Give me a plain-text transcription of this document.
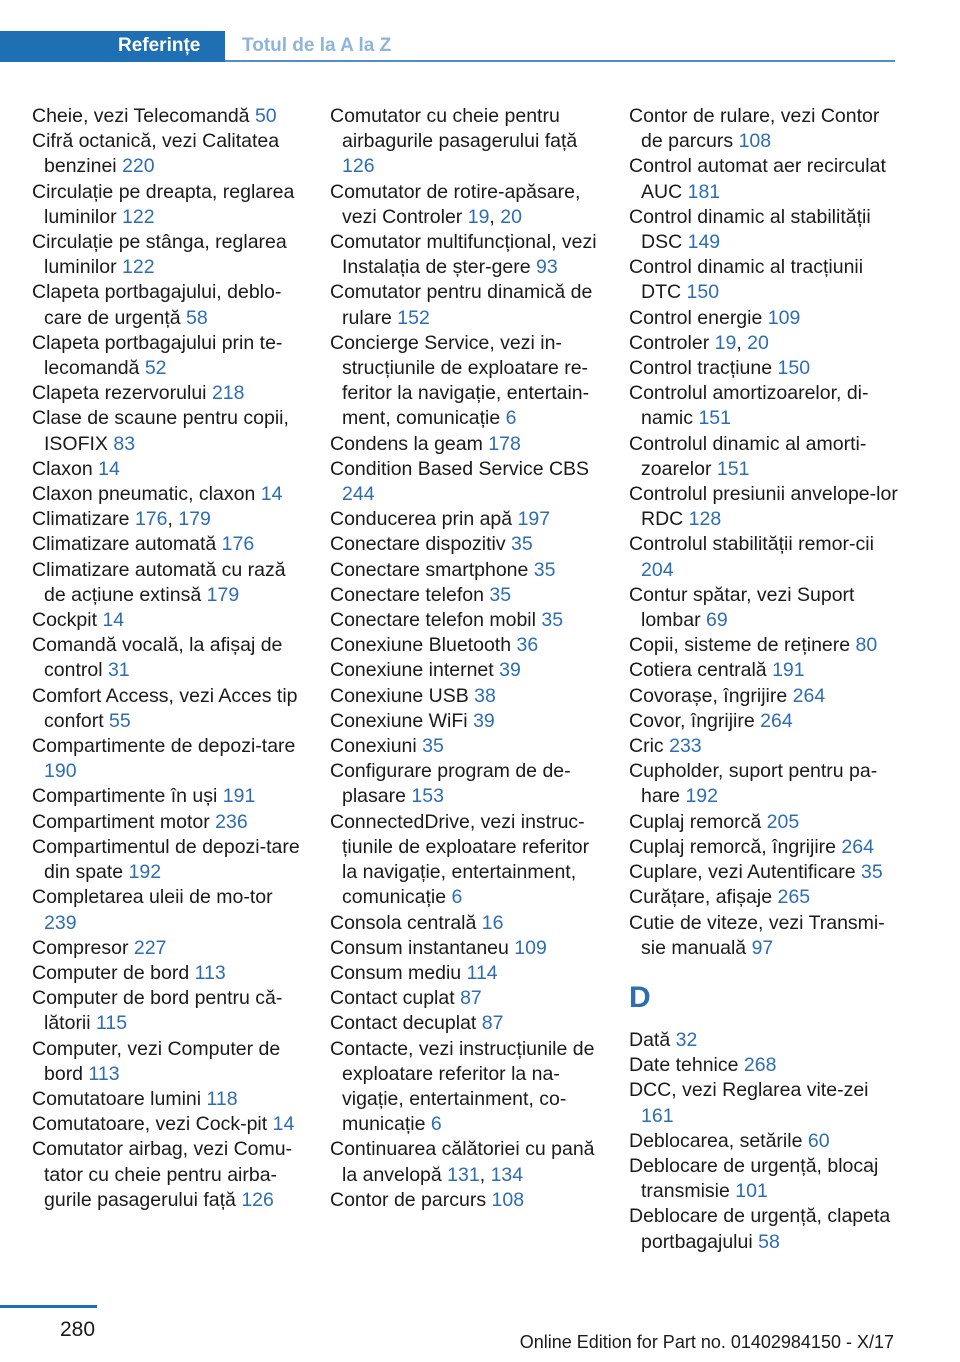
Referințe Totul de la A la Z
Cheie, vezi Telecomandă 50
Cifră octanică, vezi Calitatea benzinei 220
Circulație pe dreapta, reglarea luminilor 122
Circulație pe stânga, reglarea luminilor 122
Clapeta portbagajului, deblo‐care de urgență 58
Clapeta portbagajului prin te‐lecomandă 52
Clapeta rezervorului 218
Clase de scaune pentru copii, ISOFIX 83
Claxon 14
Claxon pneumatic, claxon 14
Climatizare 176, 179
Climatizare automată 176
Climatizare automată cu rază de acțiune extinsă 179
Cockpit 14
Comandă vocală, la afișaj de control 31
Comfort Access, vezi Acces tip confort 55
Compartimente de depozi‐tare 190
Compartimente în uși 191
Compartiment motor 236
Compartimentul de depozi‐tare din spate 192
Completarea uleii de mo‐tor 239
Compresor 227
Computer de bord 113
Computer de bord pentru că‐lătorii 115
Computer, vezi Computer de bord 113
Comutatoare lumini 118
Comutatoare, vezi Cock‐pit 14
Comutator airbag, vezi Comu‐tator cu cheie pentru airba‐gurile pasagerului față 126
Comutator cu cheie pentru airbagurile pasagerului față 126
Comutator de rotire-apăsare, vezi Controler 19, 20
Comutator multifuncțional, vezi Instalația de șter‐gere 93
Comutator pentru dinamică de rulare 152
Concierge Service, vezi in‐strucțiunile de exploatare re‐feritor la navigație, entertain‐ment, comunicație 6
Condens la geam 178
Condition Based Service CBS 244
Conducerea prin apă 197
Conectare dispozitiv 35
Conectare smartphone 35
Conectare telefon 35
Conectare telefon mobil 35
Conexiune Bluetooth 36
Conexiune internet 39
Conexiune USB 38
Conexiune WiFi 39
Conexiuni 35
Configurare program de de‐plasare 153
ConnectedDrive, vezi instruc‐țiunile de exploatare referitor la navigație, entertainment, comunicație 6
Consola centrală 16
Consum instantaneu 109
Consum mediu 114
Contact cuplat 87
Contact decuplat 87
Contacte, vezi instrucțiunile de exploatare referitor la na‐vigație, entertainment, co‐municație 6
Continuarea călătoriei cu pană la anvelopă 131, 134
Contor de parcurs 108
Contor de rulare, vezi Contor de parcurs 108
Control automat aer recirculat AUC 181
Control dinamic al stabilității DSC 149
Control dinamic al tracțiunii DTC 150
Control energie 109
Controler 19, 20
Control tracțiune 150
Controlul amortizoarelor, di‐namic 151
Controlul dinamic al amorti‐zoarelor 151
Controlul presiunii anvelope‐lor RDC 128
Controlul stabilității remor‐cii 204
Contur spătar, vezi Suport lombar 69
Copii, sisteme de reținere 80
Cotiera centrală 191
Covorașe, îngrijire 264
Covor, îngrijire 264
Cric 233
Cupholder, suport pentru pa‐hare 192
Cuplaj remorcă 205
Cuplaj remorcă, îngrijire 264
Cuplare, vezi Autentificare 35
Curățare, afișaje 265
Cutie de viteze, vezi Transmi‐sie manuală 97
D
Dată 32
Date tehnice 268
DCC, vezi Reglarea vite‐zei 161
Deblocarea, setările 60
Deblocare de urgență, blocaj transmisie 101
Deblocare de urgență, clapeta portbagajului 58
280
Online Edition for Part no. 01402984150 - X/17
